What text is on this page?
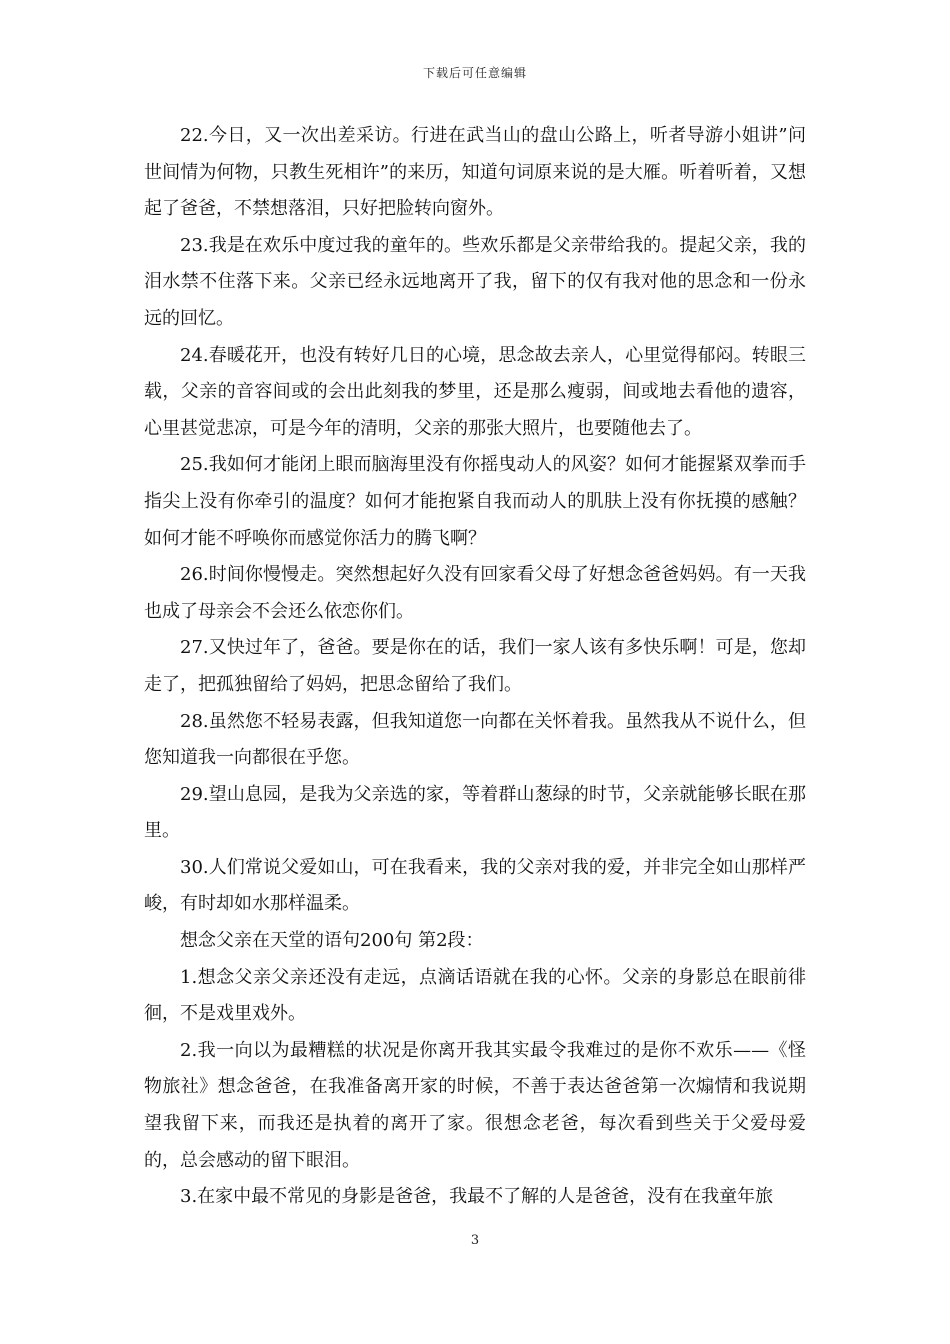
下载后可任意编辑

22.今日，又一次出差采访。行进在武当山的盘山公路上，听者导游小姐讲”问世间情为何物，只教生死相许”的来历，知道句词原来说的是大雁。听着听着，又想起了爸爸，不禁想落泪，只好把脸转向窗外。

23.我是在欢乐中度过我的童年的。些欢乐都是父亲带给我的。提起父亲，我的泪水禁不住落下来。父亲已经永远地离开了我，留下的仅有我对他的思念和一份永远的回忆。

24.春暖花开，也没有转好几日的心境，思念故去亲人，心里觉得郁闷。转眼三载，父亲的音容间或的会出此刻我的梦里，还是那么瘦弱，间或地去看他的遗容，心里甚觉悲凉，可是今年的清明，父亲的那张大照片，也要随他去了。

25.我如何才能闭上眼而脑海里没有你摇曳动人的风姿？如何才能握紧双拳而手指尖上没有你牵引的温度？如何才能抱紧自我而动人的肌肤上没有你抚摸的感触？如何才能不呼唤你而感觉你活力的腾飞啊？

26.时间你慢慢走。突然想起好久没有回家看父母了好想念爸爸妈妈。有一天我也成了母亲会不会还么依恋你们。

27.又快过年了，爸爸。要是你在的话，我们一家人该有多快乐啊！可是，您却走了，把孤独留给了妈妈，把思念留给了我们。

28.虽然您不轻易表露，但我知道您一向都在关怀着我。虽然我从不说什么，但您知道我一向都很在乎您。

29.望山息园，是我为父亲选的家，等着群山葱绿的时节，父亲就能够长眠在那里。

30.人们常说父爱如山，可在我看来，我的父亲对我的爱，并非完全如山那样严峻，有时却如水那样温柔。

想念父亲在天堂的语句200句 第2段：

1.想念父亲父亲还没有走远，点滴话语就在我的心怀。父亲的身影总在眼前徘徊，不是戏里戏外。

2.我一向以为最糟糕的状况是你离开我其实最令我难过的是你不欢乐——《怪物旅社》想念爸爸，在我准备离开家的时候，不善于表达爸爸第一次煽情和我说期望我留下来，而我还是执着的离开了家。很想念老爸，每次看到些关于父爱母爱的，总会感动的留下眼泪。

3.在家中最不常见的身影是爸爸，我最不了解的人是爸爸，没有在我童年旅

3
